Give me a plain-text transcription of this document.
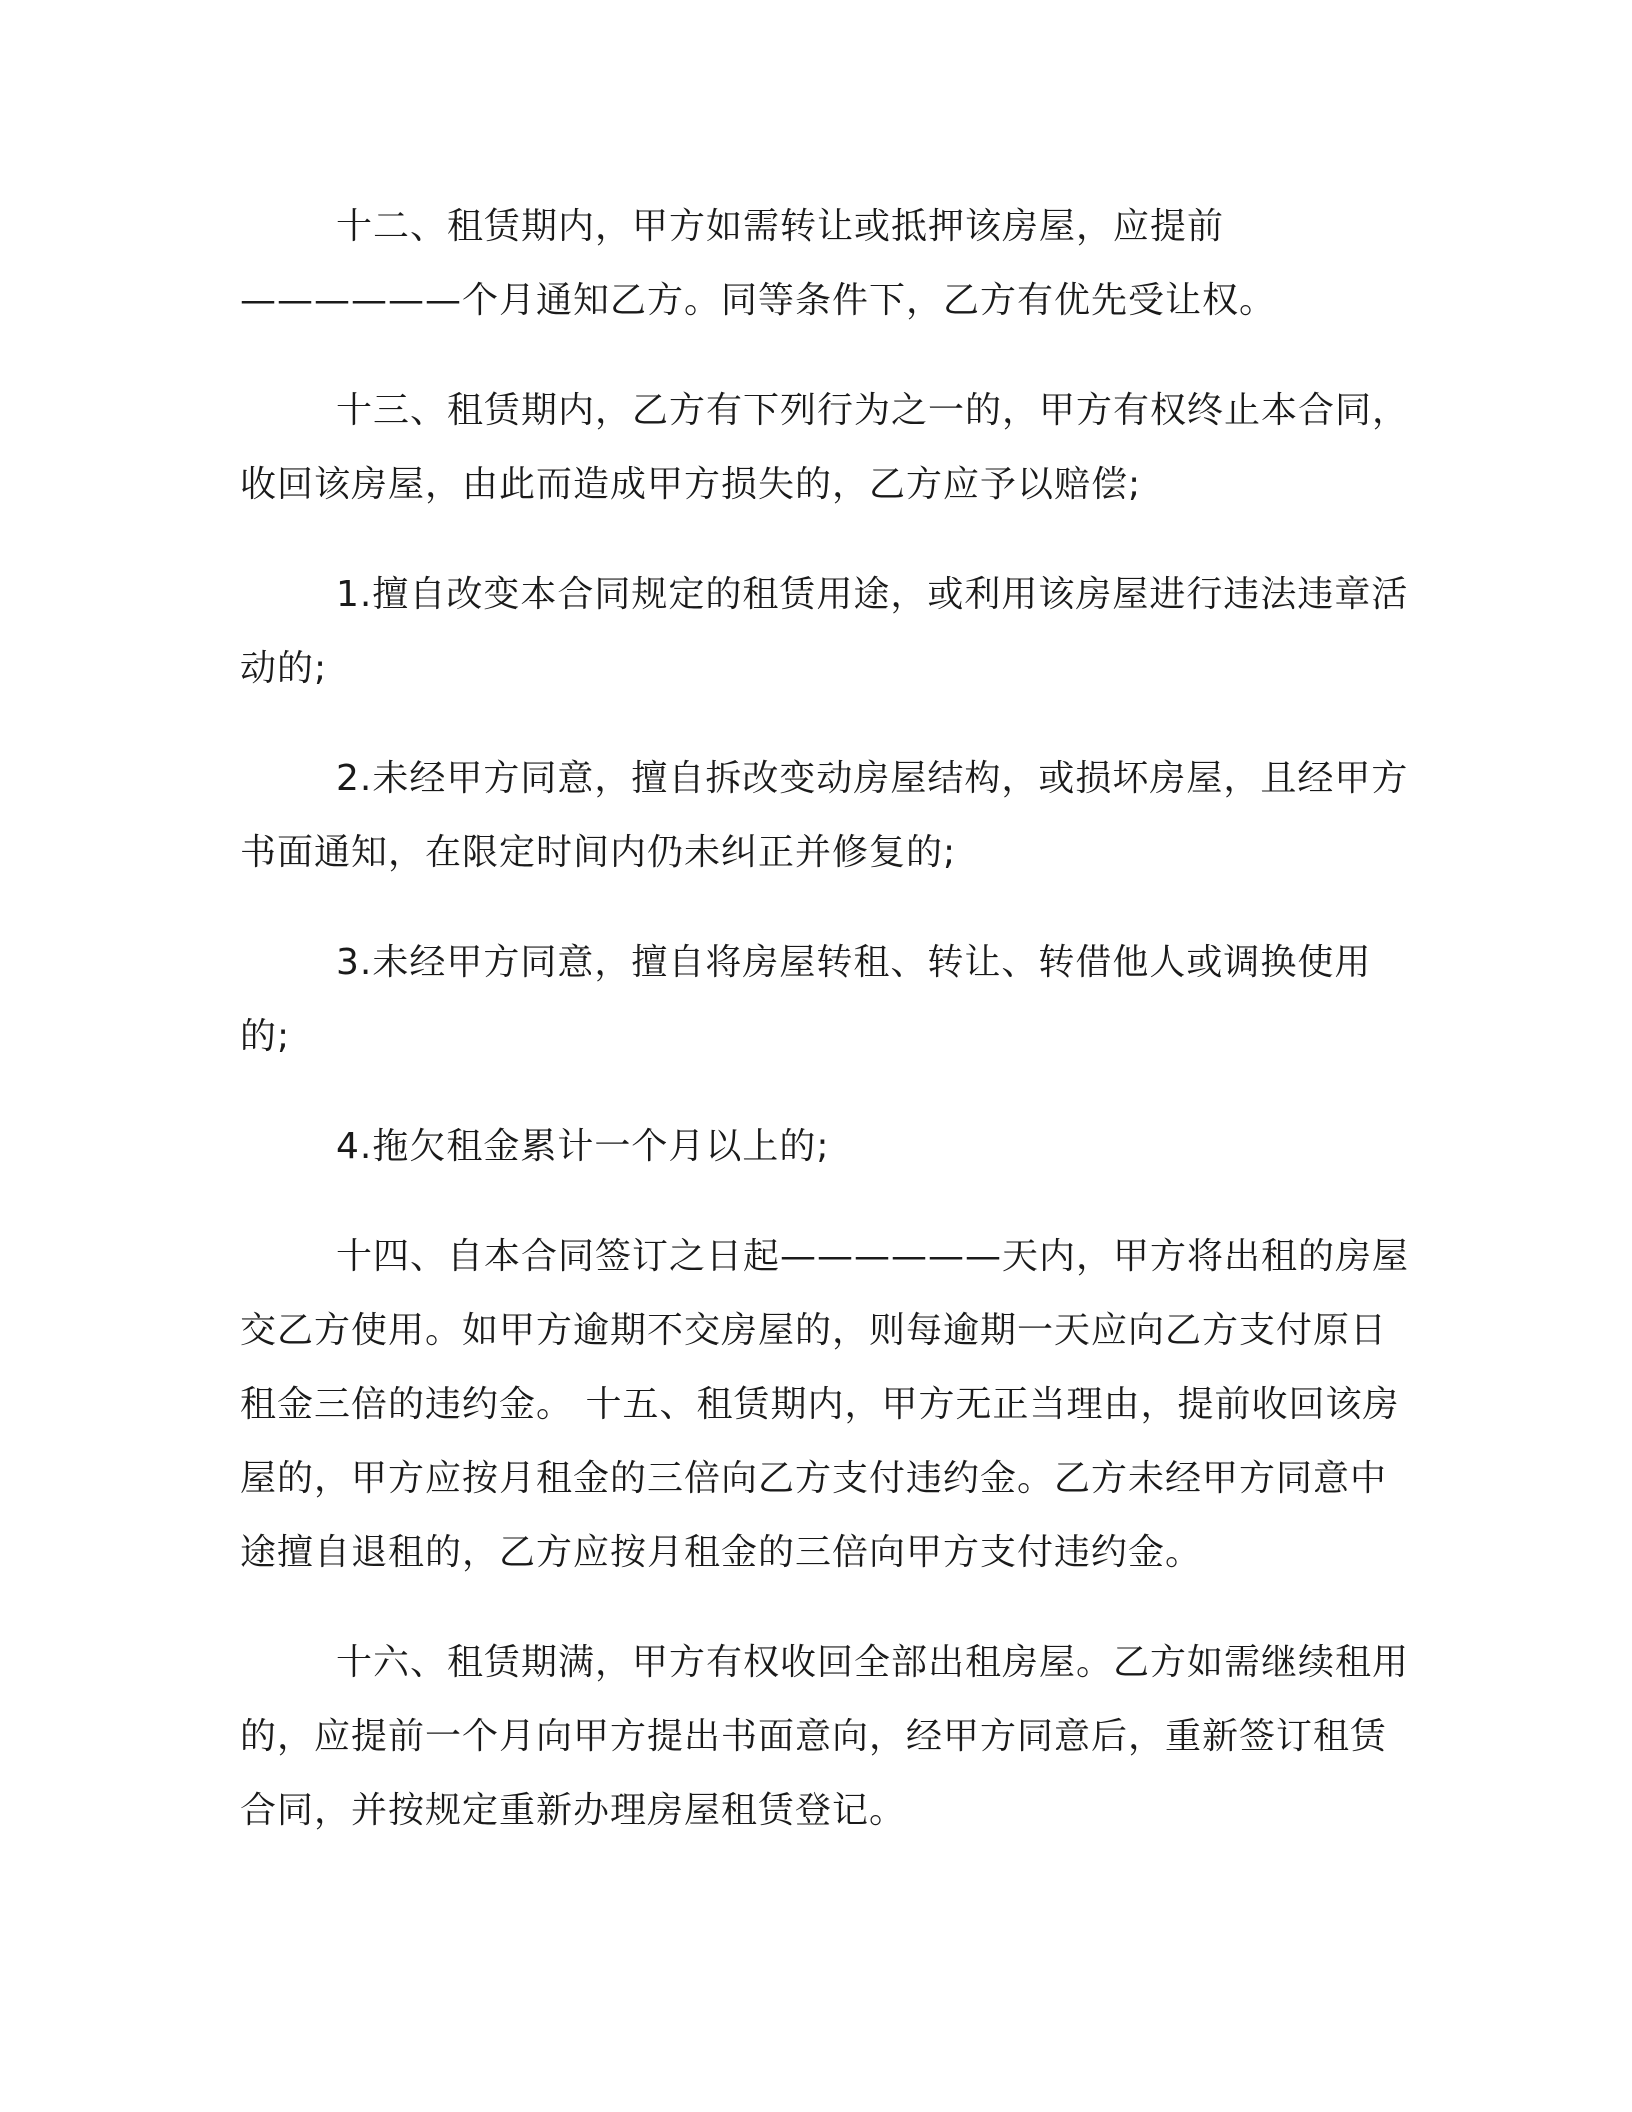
十二、租赁期内，甲方如需转让或抵押该房屋，应提前——————个月通知乙方。同等条件下，乙方有优先受让权。

十三、租赁期内，乙方有下列行为之一的，甲方有权终止本合同，收回该房屋，由此而造成甲方损失的，乙方应予以赔偿;

1.擅自改变本合同规定的租赁用途，或利用该房屋进行违法违章活动的;

2.未经甲方同意，擅自拆改变动房屋结构，或损坏房屋，且经甲方书面通知，在限定时间内仍未纠正并修复的;

3.未经甲方同意，擅自将房屋转租、转让、转借他人或调换使用的;

4.拖欠租金累计一个月以上的;

十四、自本合同签订之日起——————天内，甲方将出租的房屋交乙方使用。如甲方逾期不交房屋的，则每逾期一天应向乙方支付原日租金三倍的违约金。 十五、租赁期内，甲方无正当理由，提前收回该房屋的，甲方应按月租金的三倍向乙方支付违约金。乙方未经甲方同意中途擅自退租的，乙方应按月租金的三倍向甲方支付违约金。

十六、租赁期满，甲方有权收回全部出租房屋。乙方如需继续租用的，应提前一个月向甲方提出书面意向，经甲方同意后，重新签订租赁合同，并按规定重新办理房屋租赁登记。
